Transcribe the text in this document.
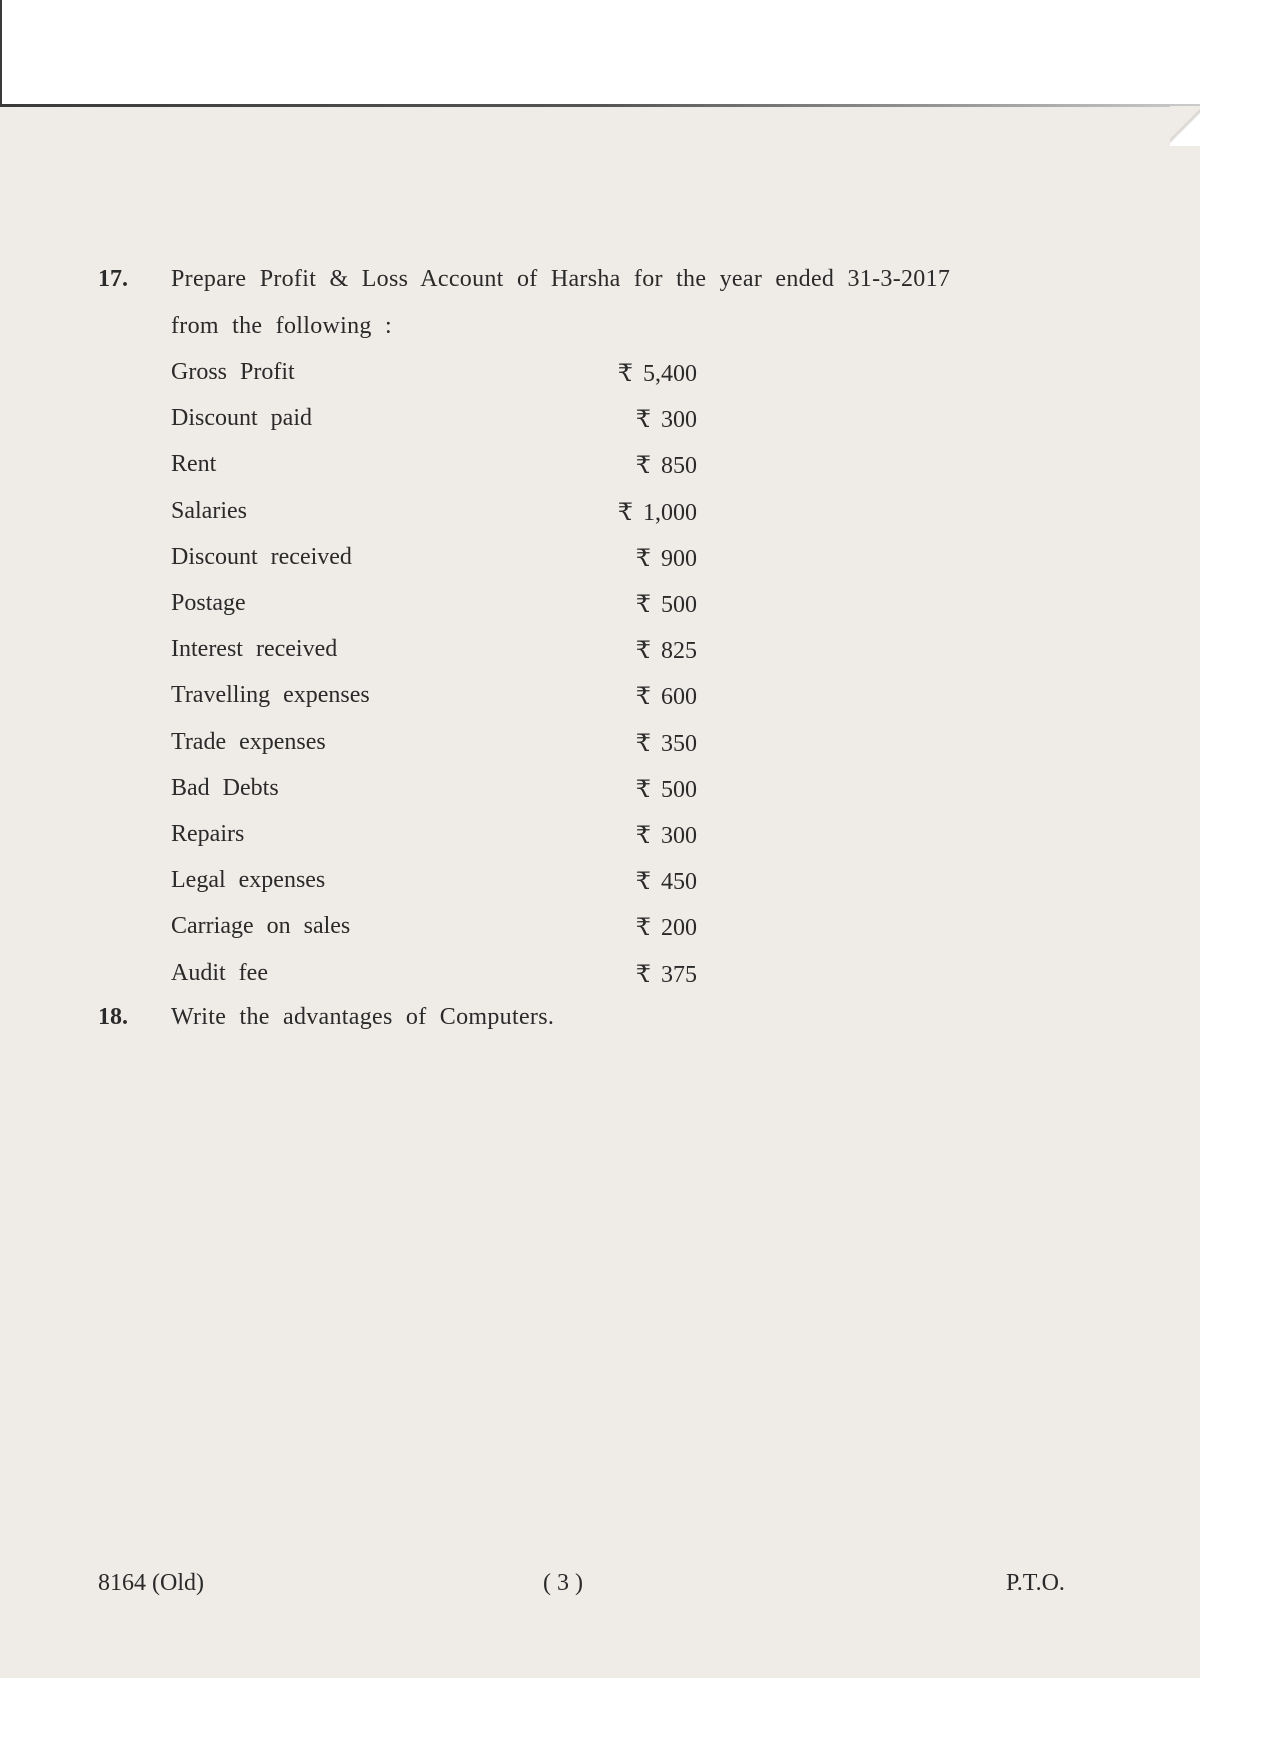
17. Prepare Profit & Loss Account of Harsha for the year ended 31-3-2017
from the following :
Gross Profit	₹ 5,400
Discount paid	₹ 300
Rent	₹ 850
Salaries	₹ 1,000
Discount received	₹ 900
Postage	₹ 500
Interest received	₹ 825
Travelling expenses	₹ 600
Trade expenses	₹ 350
Bad Debts	₹ 500
Repairs	₹ 300
Legal expenses	₹ 450
Carriage on sales	₹ 200
Audit fee	₹ 375
18. Write the advantages of Computers.
8164 (Old)	( 3 )	P.T.O.
